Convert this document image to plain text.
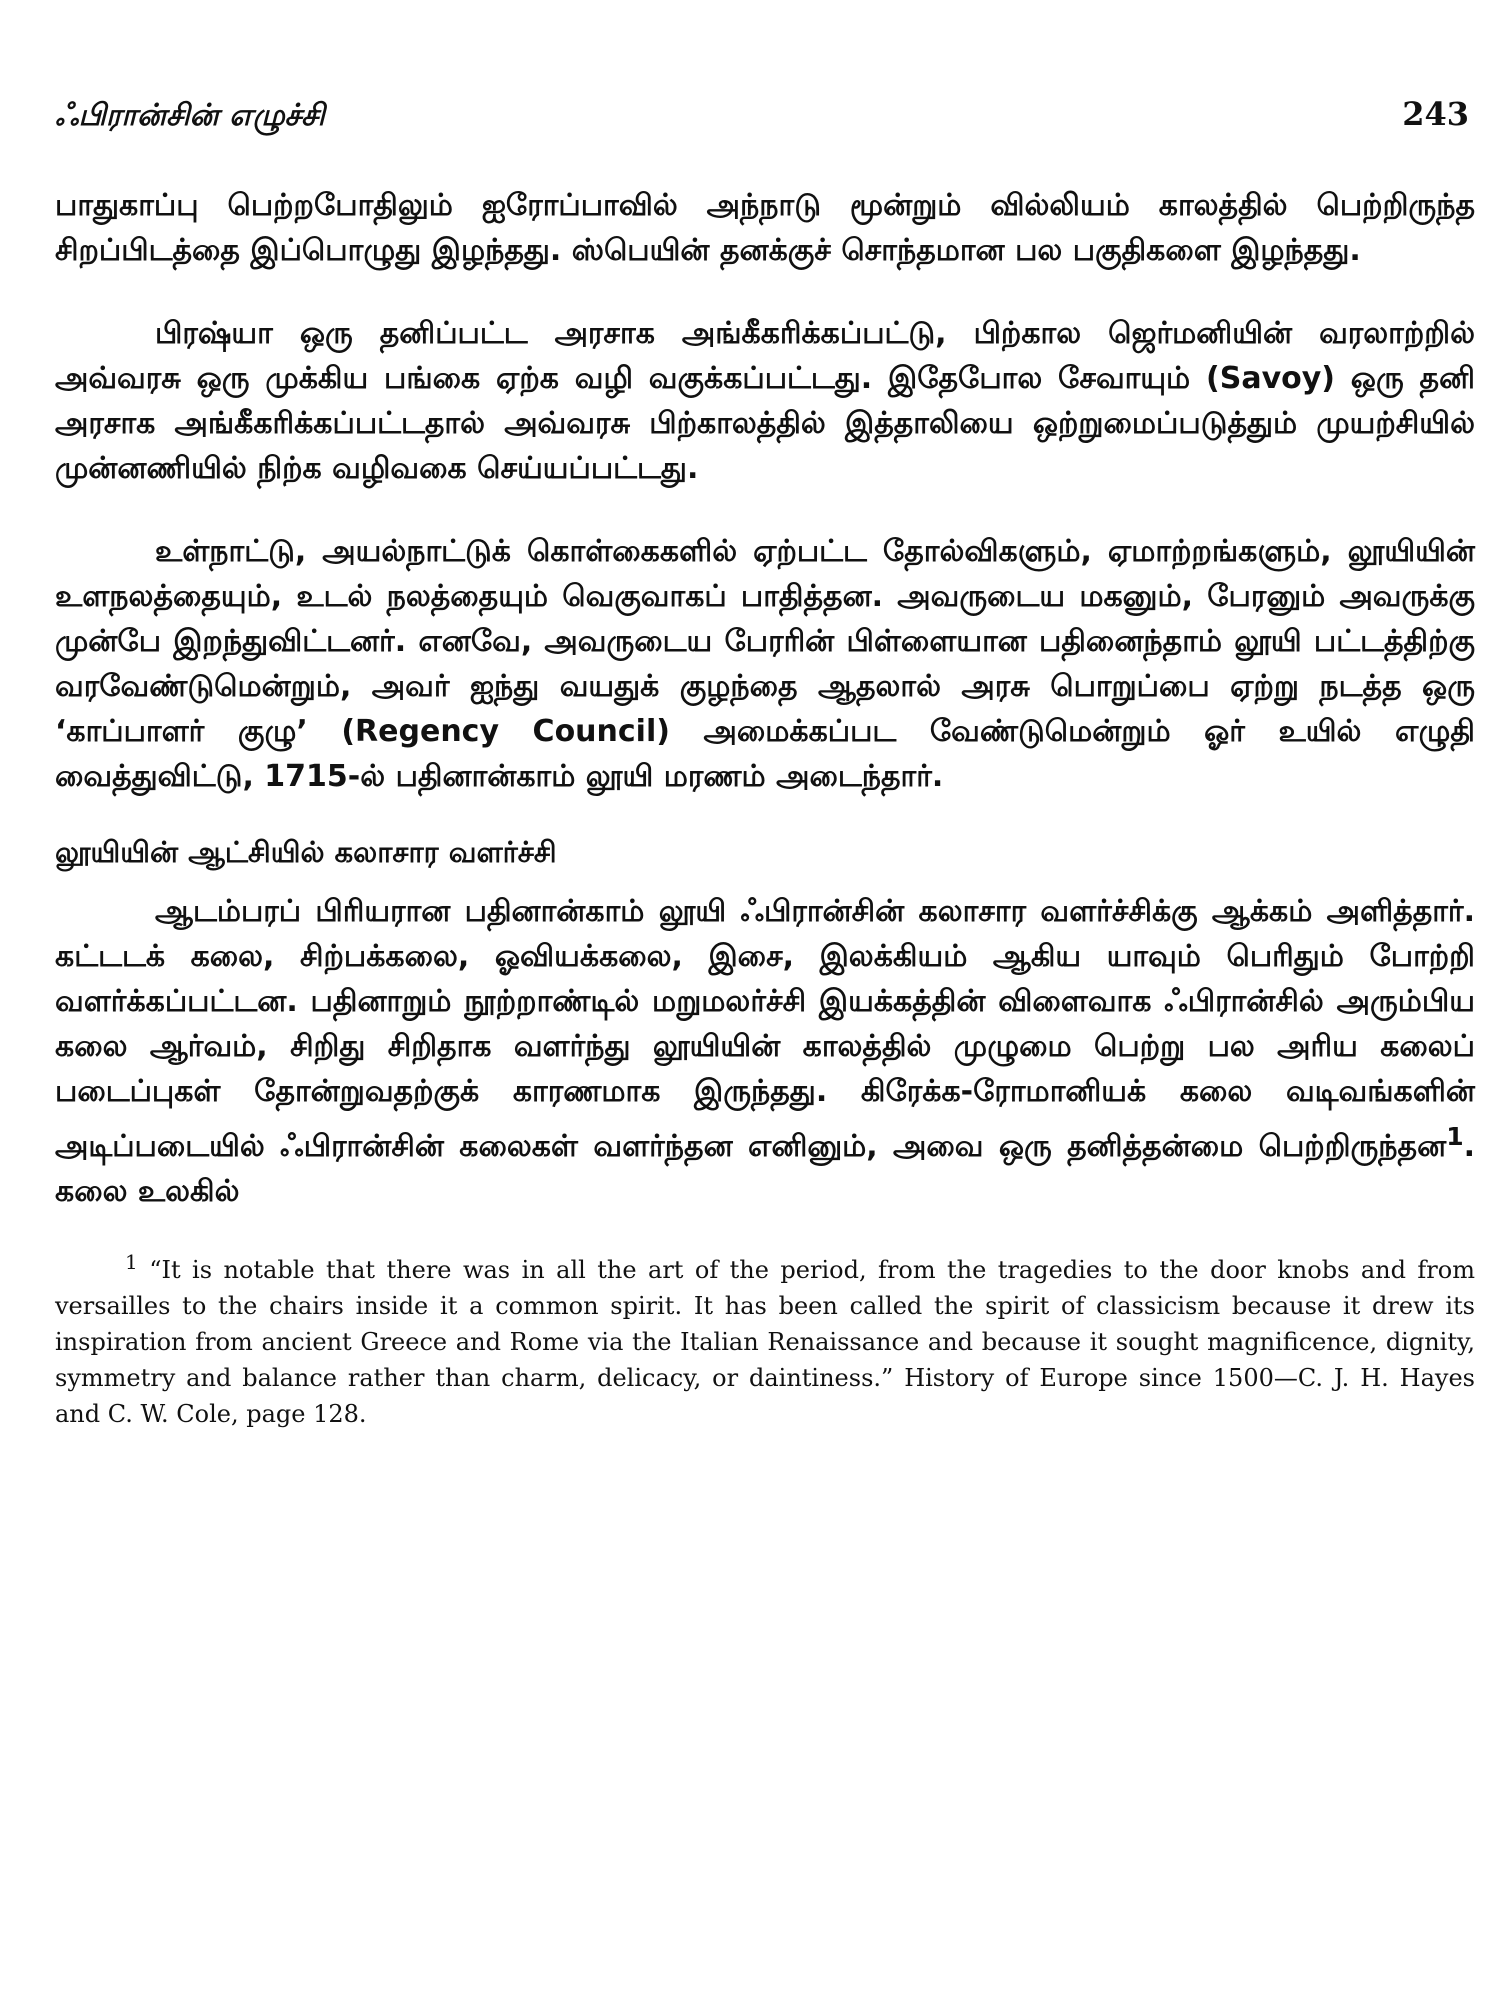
ஃபிரான்சின் எழுச்சி	243

பாதுகாப்பு பெற்றபோதிலும் ஐரோப்பாவில் அந்நாடு மூன்றும் வில்லியம் காலத்தில் பெற்றிருந்த சிறப்பிடத்தை இப்பொழுது இழந்தது. ஸ்பெயின் தனக்குச் சொந்தமான பல பகுதிகளை இழந்தது.

பிரஷ்யா ஒரு தனிப்பட்ட அரசாக அங்கீகரிக்கப்பட்டு, பிற்கால ஜெர்மனியின் வரலாற்றில் அவ்வரசு ஒரு முக்கிய பங்கை ஏற்க வழி வகுக்கப்பட்டது. இதேபோல சேவாயும் (Savoy) ஒரு தனி அரசாக அங்கீகரிக்கப்பட்டதால் அவ்வரசு பிற்காலத்தில் இத்தாலியை ஒற்றுமைப்படுத்தும் முயற்சியில் முன்னணியில் நிற்க வழிவகை செய்யப்பட்டது.

உள்நாட்டு, அயல்நாட்டுக் கொள்கைகளில் ஏற்பட்ட தோல்விகளும், ஏமாற்றங்களும், லூயியின் உளநலத்தையும், உடல் நலத்தையும் வெகுவாகப் பாதித்தன. அவருடைய மகனும், பேரனும் அவருக்கு முன்பே இறந்துவிட்டனர். எனவே, அவருடைய பேரரின் பிள்ளையான பதினைந்தாம் லூயி பட்டத்திற்கு வரவேண்டுமென்றும், அவர் ஐந்து வயதுக் குழந்தை ஆதலால் அரசு பொறுப்பை ஏற்று நடத்த ஒரு ‘காப்பாளர் குழு’ (Regency Council) அமைக்கப்பட வேண்டுமென்றும் ஓர் உயில் எழுதி வைத்துவிட்டு, 1715-ல் பதினான்காம் லூயி மரணம் அடைந்தார்.

லூயியின் ஆட்சியில் கலாசார வளர்ச்சி

ஆடம்பரப் பிரியரான பதினான்காம் லூயி ஃபிரான்சின் கலாசார வளர்ச்சிக்கு ஆக்கம் அளித்தார். கட்டடக் கலை, சிற்பக்கலை, ஓவியக்கலை, இசை, இலக்கியம் ஆகிய யாவும் பெரிதும் போற்றி வளர்க்கப்பட்டன. பதினாறும் நூற்றாண்டில் மறுமலர்ச்சி இயக்கத்தின் விளைவாக ஃபிரான்சில் அரும்பிய கலை ஆர்வம், சிறிது சிறிதாக வளர்ந்து லூயியின் காலத்தில் முழுமை பெற்று பல அரிய கலைப் படைப்புகள் தோன்றுவதற்குக் காரணமாக இருந்தது. கிரேக்க-ரோமானியக் கலை வடிவங்களின் அடிப்படையில் ஃபிரான்சின் கலைகள் வளர்ந்தன எனினும், அவை ஒரு தனித்தன்மை பெற்றிருந்தன$^1$. கலை உலகில்

$^1$ “It is notable that there was in all the art of the period, from the tragedies to the door knobs and from versailles to the chairs inside it a common spirit. It has been called the spirit of classicism because it drew its inspiration from ancient Greece and Rome via the Italian Renaissance and because it sought magnificence, dignity, symmetry and balance rather than charm, delicacy, or daintiness.” History of Europe since 1500—C. J. H. Hayes and C. W. Cole, page 128.
